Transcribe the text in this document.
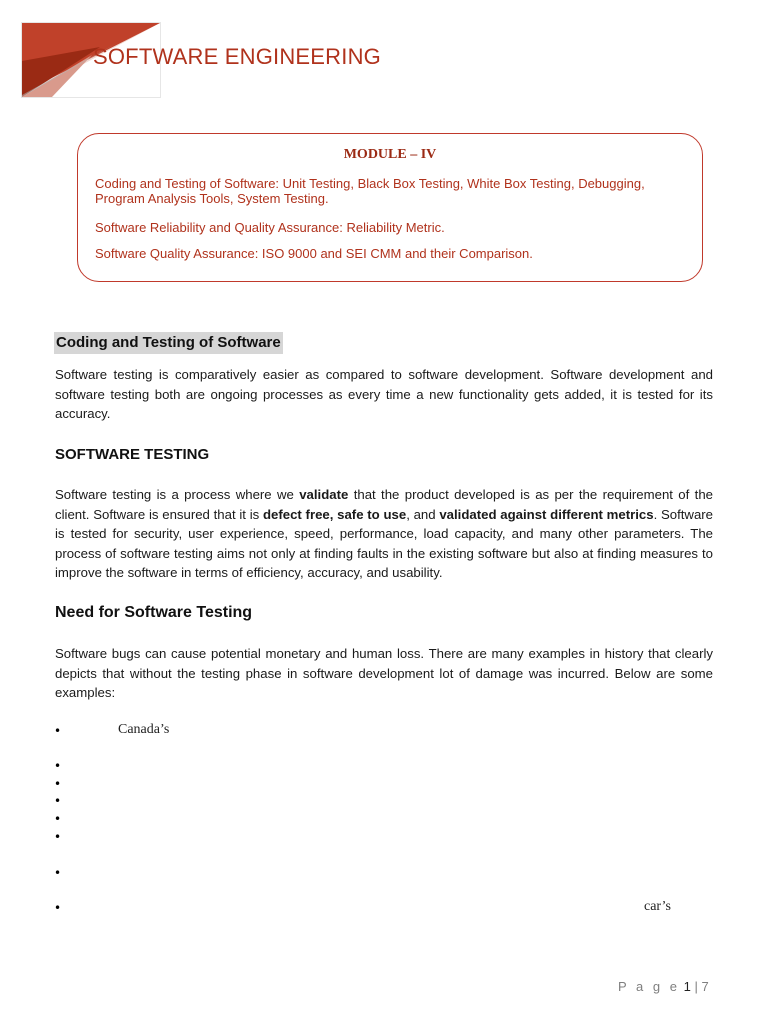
SOFTWARE ENGINEERING
MODULE – IV
Coding and Testing of Software: Unit Testing, Black Box Testing, White Box Testing, Debugging, Program Analysis Tools, System Testing.
Software Reliability and Quality Assurance: Reliability Metric.
Software Quality Assurance: ISO 9000 and SEI CMM and their Comparison.
Coding and Testing of Software

Software testing is comparatively easier as compared to software development. Software development and software testing both are ongoing processes as every time a new functionality gets added, it is tested for its accuracy.

SOFTWARE TESTING

Software testing is a process where we validate that the product developed is as per the requirement of the client. Software is ensured that it is defect free, safe to use, and validated against different metrics. Software is tested for security, user experience, speed, performance, load capacity, and many other parameters. The process of software testing aims not only at finding faults in the existing software but also at finding measures to improve the software in terms of efficiency, accuracy, and usability.

Need for Software Testing

Software bugs can cause potential monetary and human loss. There are many examples in history that clearly depicts that without the testing phase in software development lot of damage was incurred. Below are some examples:

•	Canada’s
•
•
•
•
•
•
•	car’s
P a g e 1 | 7
